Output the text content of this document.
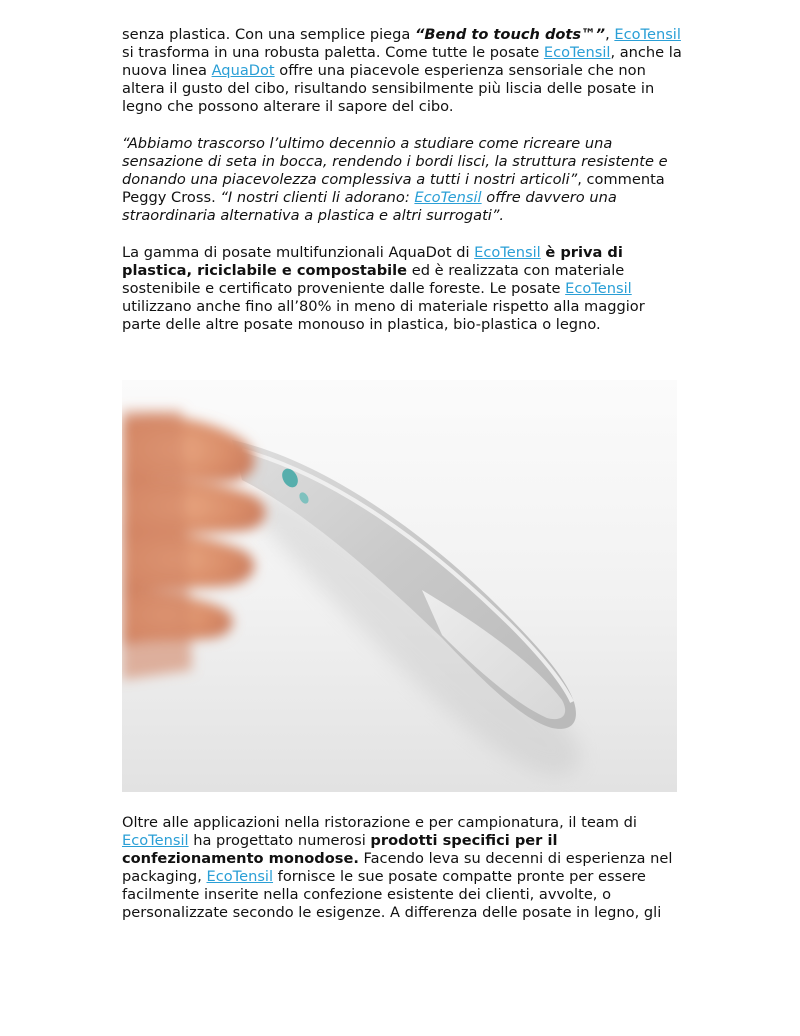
senza plastica. Con una semplice piega “Bend to touch dots™”, EcoTensil si trasforma in una robusta paletta. Come tutte le posate EcoTensil, anche la nuova linea AquaDot offre una piacevole esperienza sensoriale che non altera il gusto del cibo, risultando sensibilmente più liscia delle posate in legno che possono alterare il sapore del cibo.

“Abbiamo trascorso l’ultimo decennio a studiare come ricreare una sensazione di seta in bocca, rendendo i bordi lisci, la struttura resistente e donando una piacevolezza complessiva a tutti i nostri articoli”, commenta Peggy Cross. “I nostri clienti li adorano: EcoTensil offre davvero una straordinaria alternativa a plastica e altri surrogati”.

La gamma di posate multifunzionali AquaDot di EcoTensil è priva di plastica, riciclabile e compostabile ed è realizzata con materiale sostenibile e certificato proveniente dalle foreste. Le posate EcoTensil utilizzano anche fino all’80% in meno di materiale rispetto alla maggior parte delle altre posate monouso in plastica, bio-plastica o legno.

Oltre alle applicazioni nella ristorazione e per campionatura, il team di EcoTensil ha progettato numerosi prodotti specifici per il confezionamento monodose. Facendo leva su decenni di esperienza nel packaging, EcoTensil fornisce le sue posate compatte pronte per essere facilmente inserite nella confezione esistente dei clienti, avvolte, o personalizzate secondo le esigenze. A differenza delle posate in legno, gli
